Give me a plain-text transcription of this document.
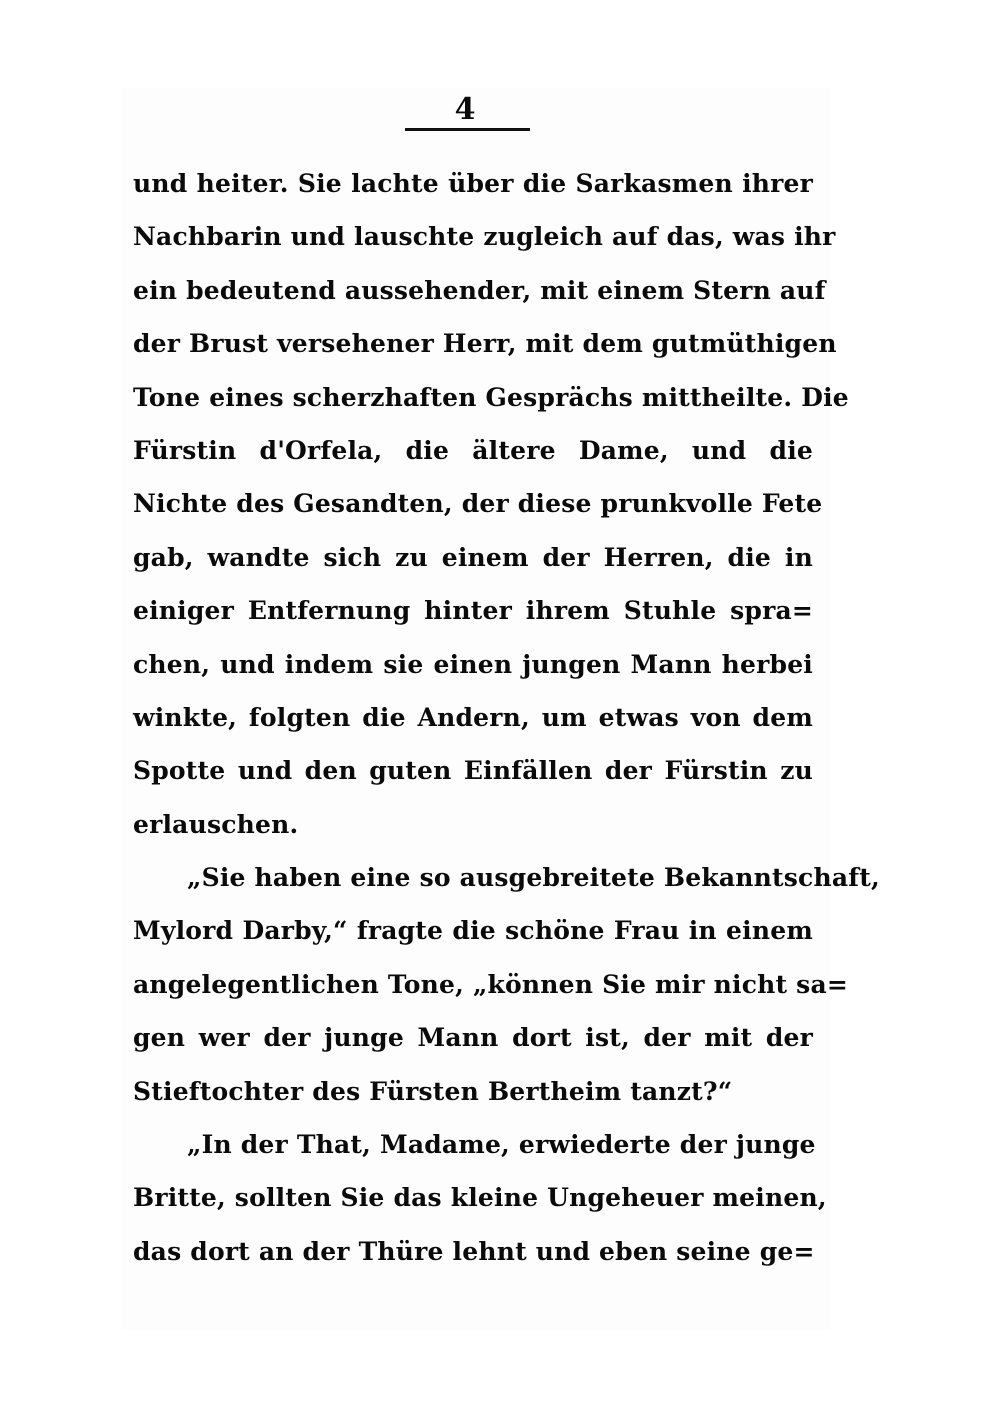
4
und heiter. Sie lachte über die Sarkasmen ihrer
Nachbarin und lauschte zugleich auf das, was ihr
ein bedeutend aussehender, mit einem Stern auf
der Brust versehener Herr, mit dem gutmüthigen
Tone eines scherzhaften Gesprächs mittheilte. Die
Fürstin d'Orfela, die ältere Dame, und die
Nichte des Gesandten, der diese prunkvolle Fete
gab, wandte sich zu einem der Herren, die in
einiger Entfernung hinter ihrem Stuhle spra=
chen, und indem sie einen jungen Mann herbei
winkte, folgten die Andern, um etwas von dem
Spotte und den guten Einfällen der Fürstin zu
erlauschen.
„Sie haben eine so ausgebreitete Bekanntschaft,
Mylord Darby,“ fragte die schöne Frau in einem
angelegentlichen Tone, „können Sie mir nicht sa=
gen wer der junge Mann dort ist, der mit der
Stieftochter des Fürsten Bertheim tanzt?“
„In der That, Madame, erwiederte der junge
Britte, sollten Sie das kleine Ungeheuer meinen,
das dort an der Thüre lehnt und eben seine ge=
